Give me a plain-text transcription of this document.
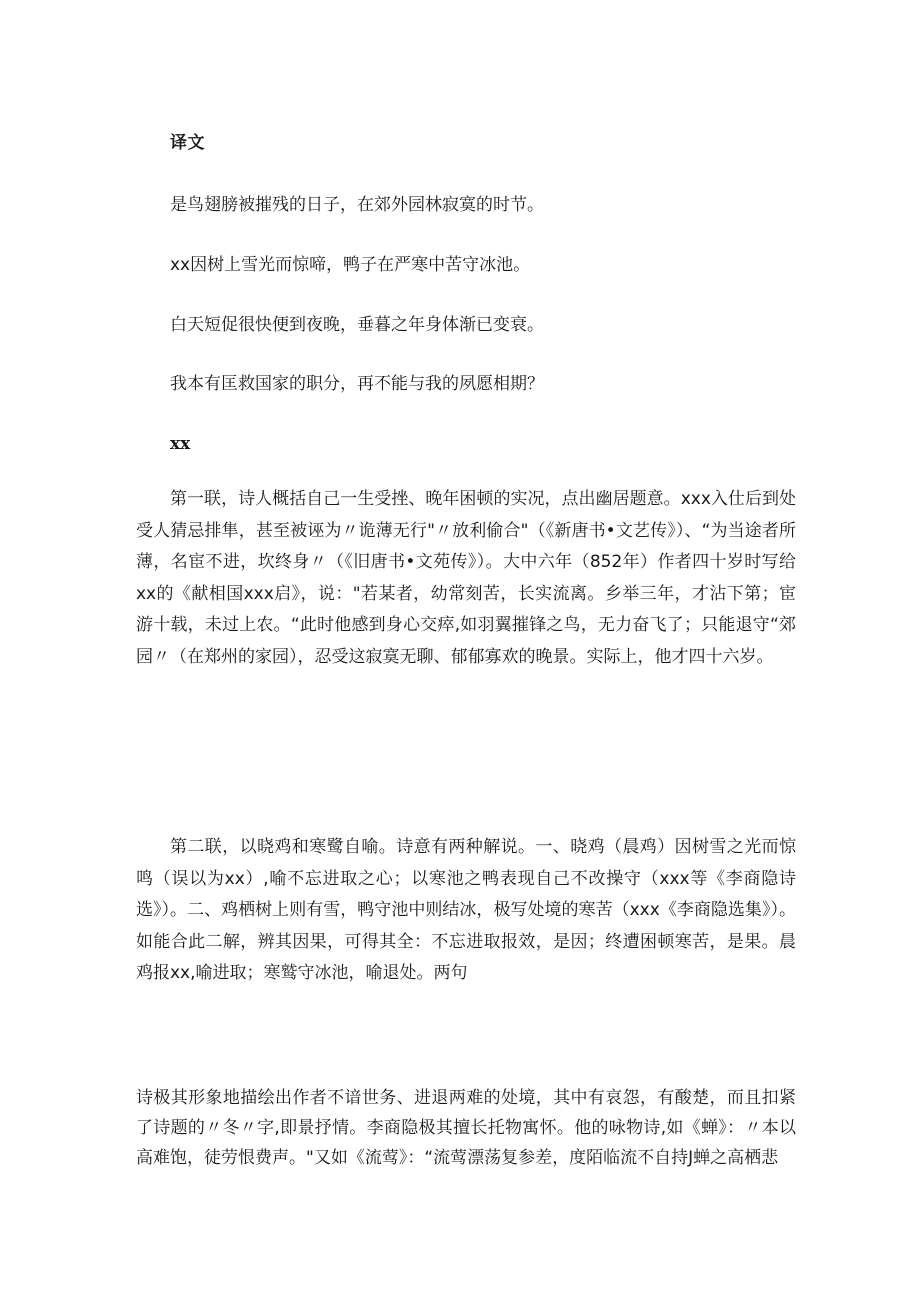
译文
是鸟翅膀被摧残的日子，在郊外园林寂寞的时节。
xx因树上雪光而惊啼，鸭子在严寒中苦守冰池。
白天短促很快便到夜晚，垂暮之年身体渐已变衰。
我本有匡救国家的职分，再不能与我的夙愿相期？
xx

第一联，诗人概括自己一生受挫、晚年困顿的实况，点出幽居题意。xxx入仕后到处受人猜忌排隼，甚至被诬为〃诡薄无行"〃放利偷合"（《新唐书•文艺传》）、“为当途者所薄，名宦不进，坎终身〃（《旧唐书•文苑传》）。大中六年（852年）作者四十岁时写给xx的《献相国xxx启》，说："若某者，幼常刻苦，长实流离。乡举三年，才沾下第；宦游十载，未过上农。“此时他感到身心交瘁,如羽翼摧锋之鸟，无力奋飞了；只能退守“郊园〃（在郑州的家园），忍受这寂寞无聊、郁郁寡欢的晚景。实际上，他才四十六岁。

第二联，以晓鸡和寒鹭自喻。诗意有两种解说。一、晓鸡（晨鸡）因树雪之光而惊鸣（误以为xx）,喻不忘进取之心；以寒池之鸭表现自己不改操守（xxx等《李商隐诗选》）。二、鸡栖树上则有雪，鸭守池中则结冰，极写处境的寒苦（xxx《李商隐选集》）。如能合此二解，辨其因果，可得其全：不忘进取报效，是因；终遭困顿寒苦，是果。晨鸡报xx,喻进取；寒鹫守冰池，喻退处。两句

诗极其形象地描绘出作者不谙世务、进退两难的处境，其中有哀怨，有酸楚，而且扣紧了诗题的〃冬〃字,即景抒情。李商隐极其擅长托物寓怀。他的咏物诗,如《蝉》：〃本以高难饱，徒劳恨费声。"又如《流莺》：“流莺漂荡复参差，度陌临流不自持J蝉之高栖悲
